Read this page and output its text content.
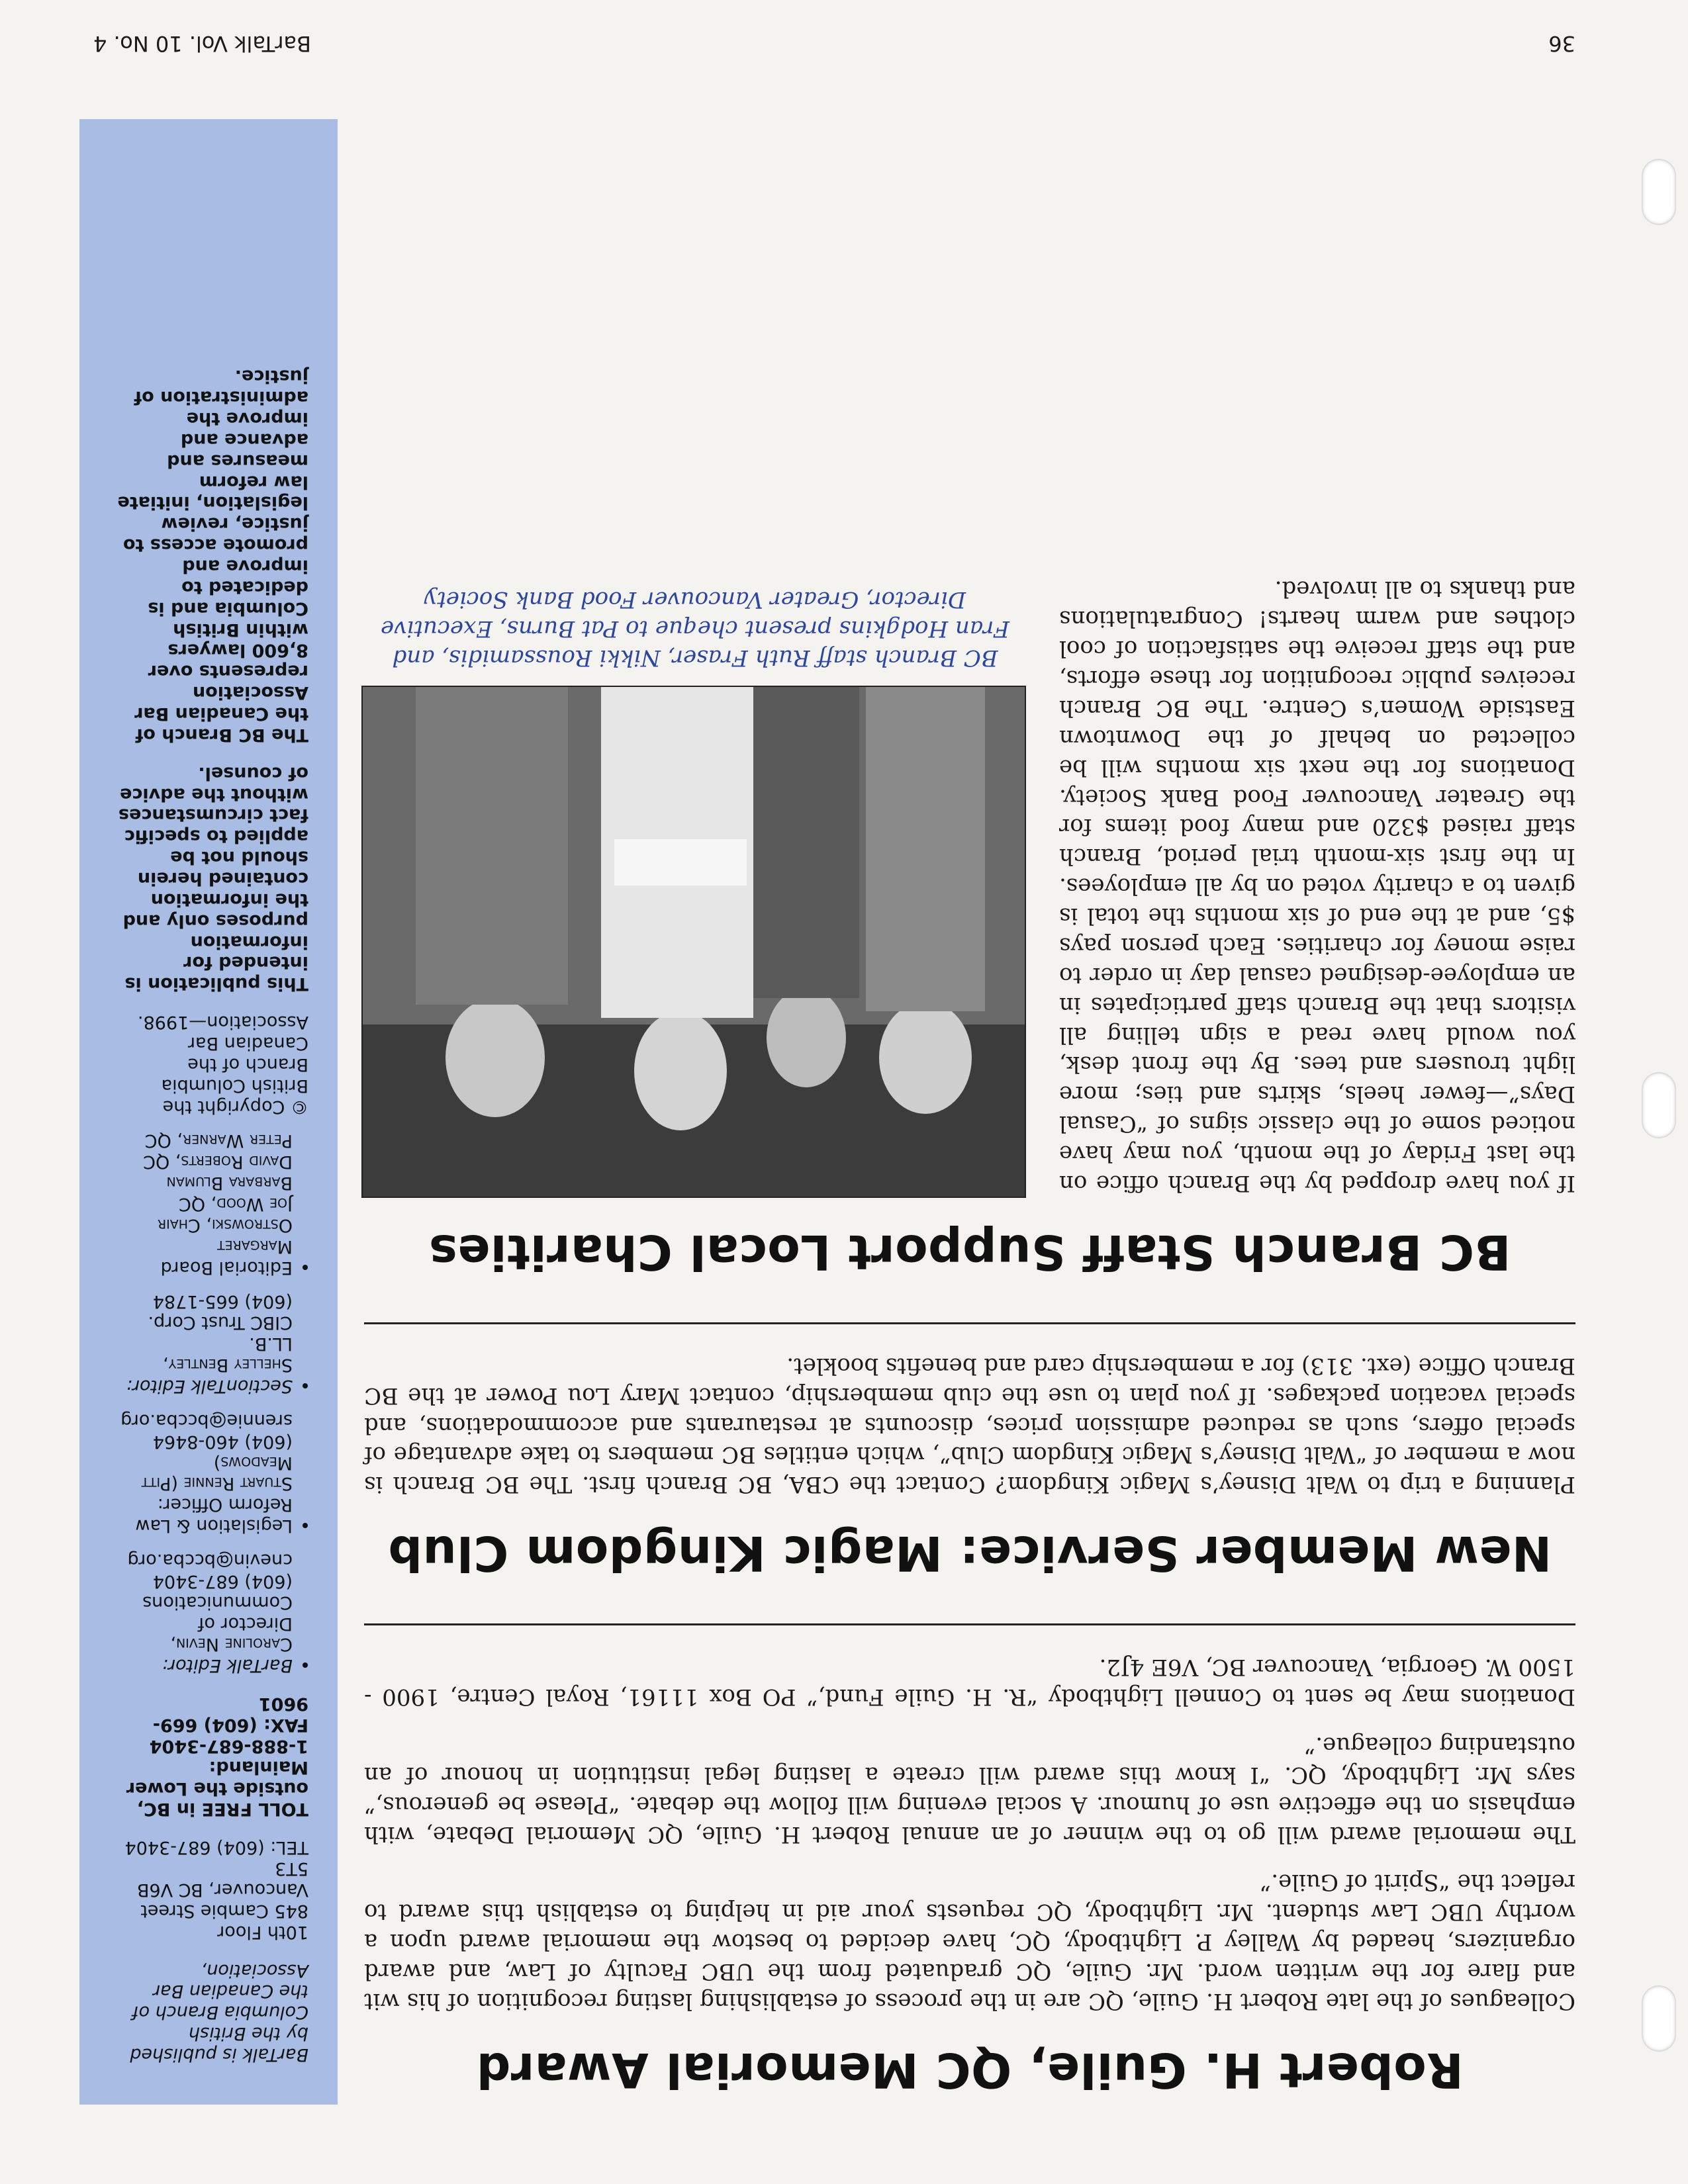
Robert H. Guile, QC Memorial Award

Colleagues of the late Robert H. Guile, QC are in the process of establishing lasting recognition of his wit and flare for the written word. Mr. Guile, QC graduated from the UBC Faculty of Law, and award organizers, headed by Walley P. Lightbody, QC, have decided to bestow the memorial award upon a worthy UBC Law student. Mr. Lightbody, QC requests your aid in helping to establish this award to reflect the “Spirit of Guile.”

The memorial award will go to the winner of an annual Robert H. Guile, QC Memorial Debate, with emphasis on the effective use of humour. A social evening will follow the debate. “Please be generous,” says Mr. Lightbody, QC. “I know this award will create a lasting legal institution in honour of an outstanding colleague.”

Donations may be sent to Connell Lightbody “R. H. Guile Fund,” PO Box 11161, Royal Centre, 1900 - 1500 W. Georgia, Vancouver BC, V6E 4J2.

New Member Service: Magic Kingdom Club

Planning a trip to Walt Disney’s Magic Kingdom? Contact the CBA, BC Branch first. The BC Branch is now a member of “Walt Disney’s Magic Kingdom Club”, which entitles BC members to take advantage of special offers, such as reduced admission prices, discounts at restaurants and accommodations, and special vacation packages. If you plan to use the club membership, contact Mary Lou Power at the BC Branch Office (ext. 313) for a membership card and benefits booklet.

BC Branch Staff Support Local Charities
BC Branch staff Ruth Fraser, Nikki Roussamidis, and Fran Hodgkins present cheque to Pat Burns, Executive Director, Greater Vancouver Food Bank Society

If you have dropped by the Branch office on the last Friday of the month, you may have noticed some of the classic signs of “Casual Days”—fewer heels, skirts and ties; more light trousers and tees. By the front desk, you would have read a sign telling all visitors that the Branch staff participates in an employee-designed casual day in order to raise money for charities. Each person pays $5, and at the end of six months the total is given to a charity voted on by all employees. In the first six-month trial period, Branch staff raised $320 and many food items for the Greater Vancouver Food Bank Society. Donations for the next six months will be collected on behalf of the Downtown Eastside Women’s Centre. The BC Branch receives public recognition for these efforts, and the staff receive the satisfaction of cool clothes and warm hearts! Congratulations and thanks to all involved.

BarTalk is published by the British Columbia Branch of the Canadian Bar Association,
10th Floor
845 Cambie Street
Vancouver, BC V6B 5T3
TEL: (604) 687-3404
TOLL FREE in BC,
outside the Lower
Mainland:
1-888-687-3404
FAX: (604) 669-9601
• BarTalk Editor:
Caroline Nevin,
Director of
Communications
(604) 687-3404
cnevin@bccba.org
• Legislation & Law Reform Officer:
Stuart Rennie (Pitt
Meadows)
(604) 460-8464
srennie@bccba.org
• SectionTalk Editor:
Shelley Bentley,
LL.B.
CIBC Trust Corp.
(604) 665-1784
• Editorial Board
Margaret
Ostrowski, Chair
Joe Wood, QC
Barbara Bluman
David Roberts, QC
Peter Warner, QC
© Copyright the British Columbia Branch of the Canadian Bar Association—1998.
This publication is intended for information purposes only and the information contained herein should not be applied to specific fact circumstances without the advice of counsel.
The BC Branch of the Canadian Bar Association represents over 8,600 lawyers within British Columbia and is dedicated to improve and promote access to justice, review legislation, initiate law reform measures and advance and improve the administration of justice.
36
BarTalk Vol. 10 No. 4
